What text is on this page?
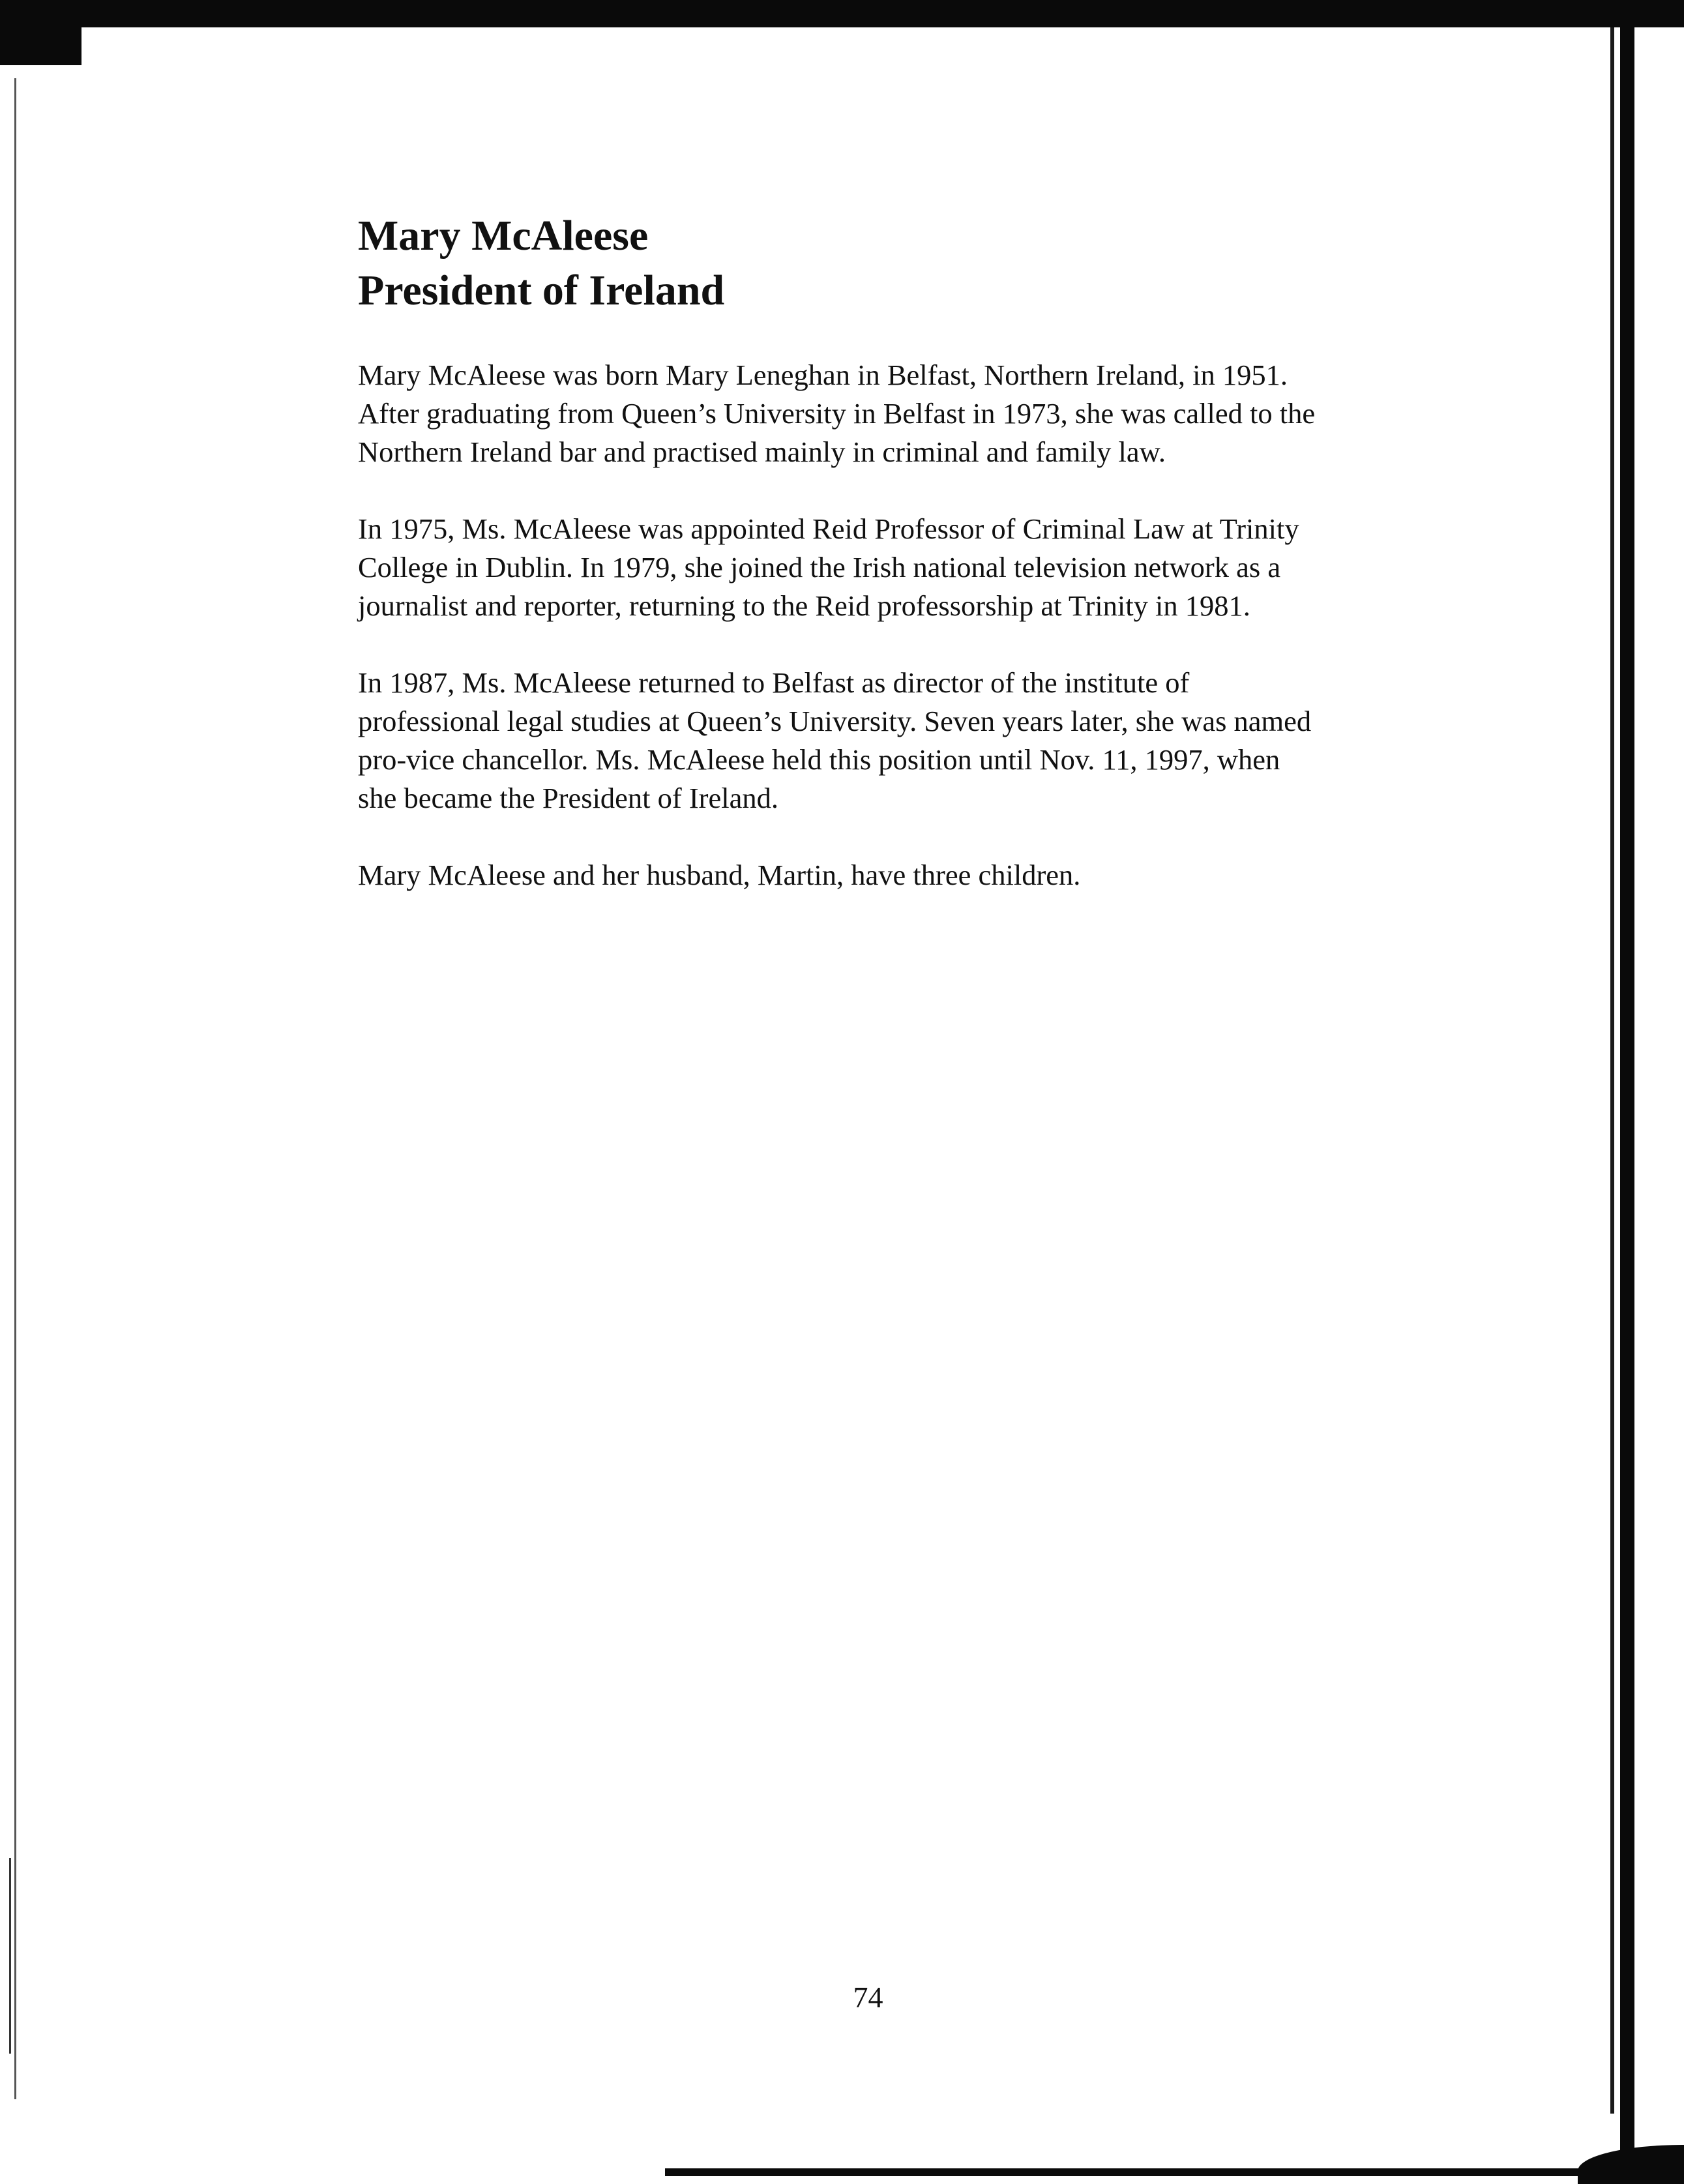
Mary McAleese
President of Ireland

Mary McAleese was born Mary Leneghan in Belfast, Northern Ireland, in 1951.
After graduating from Queen’s University in Belfast in 1973, she was called to the
Northern Ireland bar and practised mainly in criminal and family law.

In 1975, Ms. McAleese was appointed Reid Professor of Criminal Law at Trinity
College in Dublin. In 1979, she joined the Irish national television network as a
journalist and reporter, returning to the Reid professorship at Trinity in 1981.

In 1987, Ms. McAleese returned to Belfast as director of the institute of
professional legal studies at Queen’s University. Seven years later, she was named
pro-vice chancellor. Ms. McAleese held this position until Nov. 11, 1997, when
she became the President of Ireland.

Mary McAleese and her husband, Martin, have three children.

74
